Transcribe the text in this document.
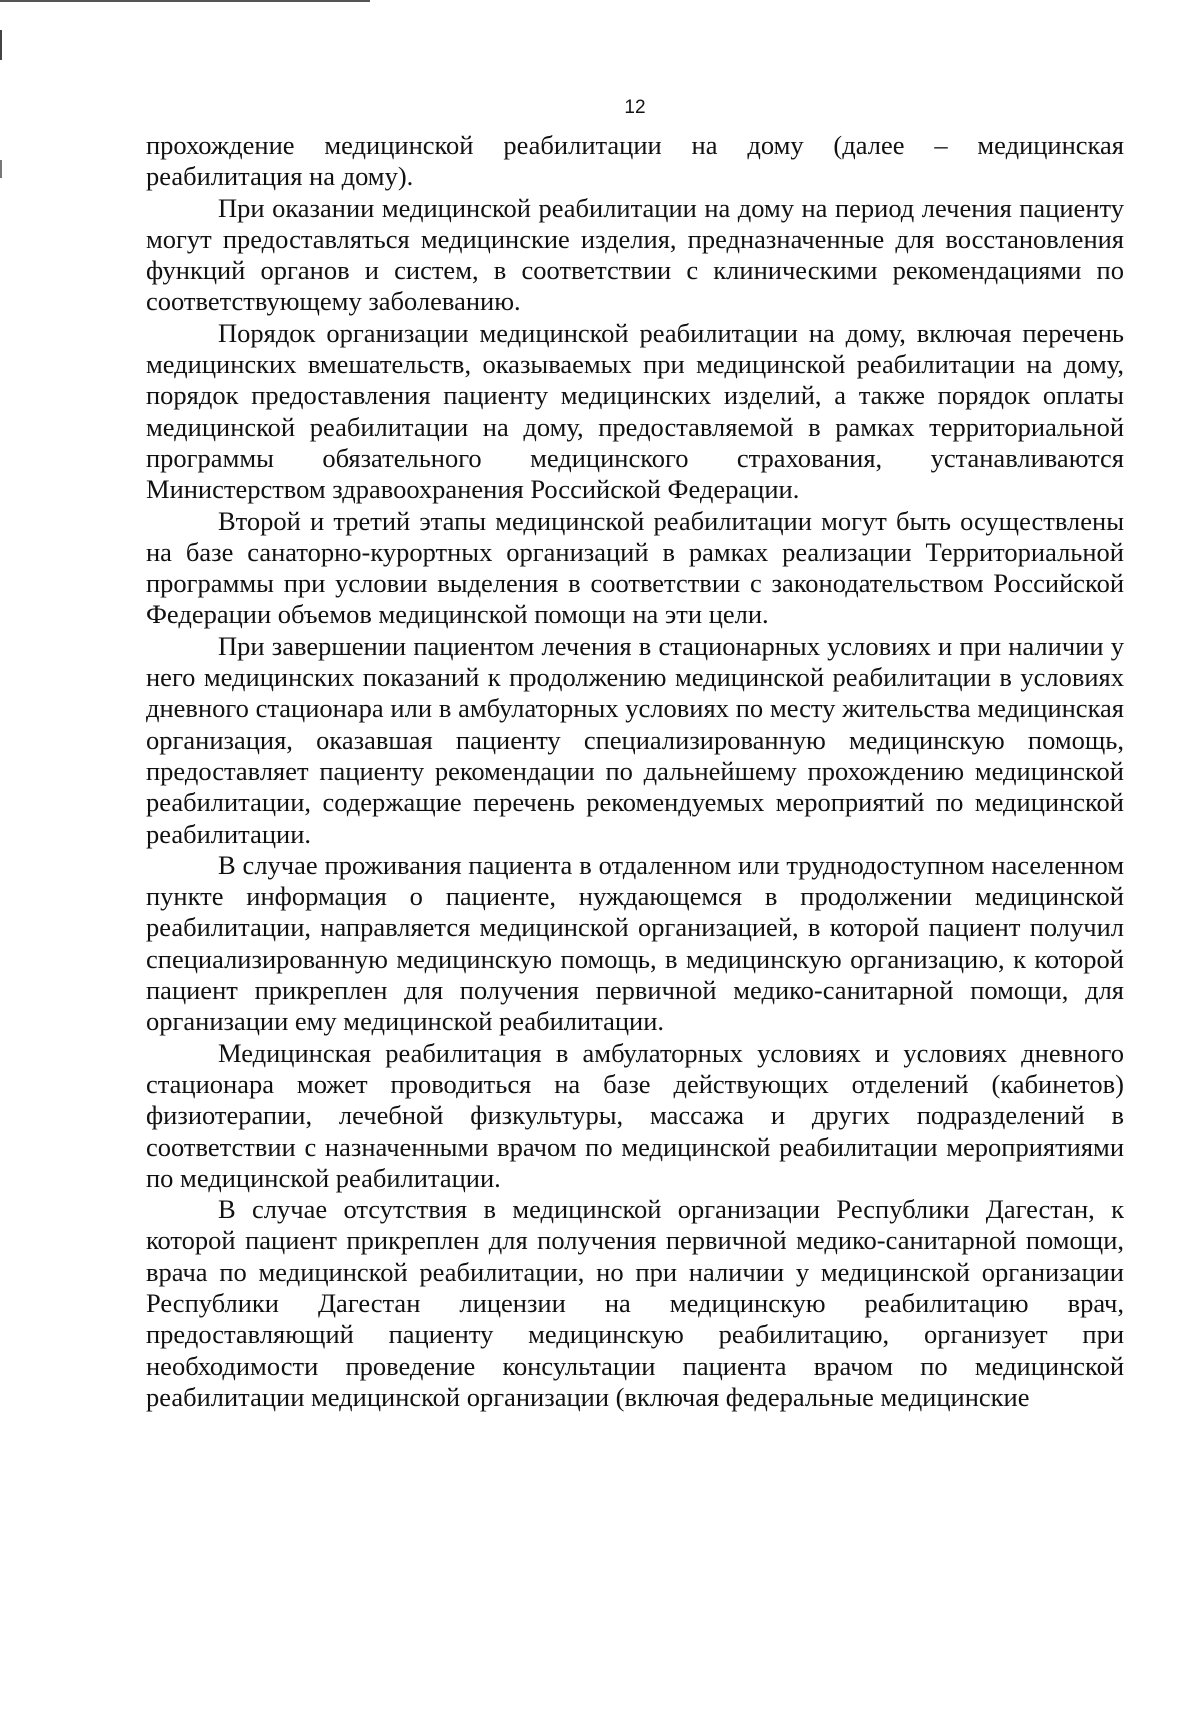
12

прохождение медицинской реабилитации на дому (далее – медицинская реабилитация на дому).

При оказании медицинской реабилитации на дому на период лечения пациенту могут предоставляться медицинские изделия, предназначенные для восстановления функций органов и систем, в соответствии с клиническими рекомендациями по соответствующему заболеванию.

Порядок организации медицинской реабилитации на дому, включая перечень медицинских вмешательств, оказываемых при медицинской реабилитации на дому, порядок предоставления пациенту медицинских изделий, а также порядок оплаты медицинской реабилитации на дому, предоставляемой в рамках территориальной программы обязательного медицинского страхования, устанавливаются Министерством здравоохранения Российской Федерации.

Второй и третий этапы медицинской реабилитации могут быть осуществлены на базе санаторно-курортных организаций в рамках реализации Территориальной программы при условии выделения в соответствии с законодательством Российской Федерации объемов медицинской помощи на эти цели.

При завершении пациентом лечения в стационарных условиях и при наличии у него медицинских показаний к продолжению медицинской реабилитации в условиях дневного стационара или в амбулаторных условиях по месту жительства медицинская организация, оказавшая пациенту специализированную медицинскую помощь, предоставляет пациенту рекомендации по дальнейшему прохождению медицинской реабилитации, содержащие перечень рекомендуемых мероприятий по медицинской реабилитации.

В случае проживания пациента в отдаленном или труднодоступном населенном пункте информация о пациенте, нуждающемся в продолжении медицинской реабилитации, направляется медицинской организацией, в которой пациент получил специализированную медицинскую помощь, в медицинскую организацию, к которой пациент прикреплен для получения первичной медико-санитарной помощи, для организации ему медицинской реабилитации.

Медицинская реабилитация в амбулаторных условиях и условиях дневного стационара может проводиться на базе действующих отделений (кабинетов) физиотерапии, лечебной физкультуры, массажа и других подразделений в соответствии с назначенными врачом по медицинской реабилитации мероприятиями по медицинской реабилитации.

В случае отсутствия в медицинской организации Республики Дагестан, к которой пациент прикреплен для получения первичной медико-санитарной помощи, врача по медицинской реабилитации, но при наличии у медицинской организации Республики Дагестан лицензии на медицинскую реабилитацию врач, предоставляющий пациенту медицинскую реабилитацию, организует при необходимости проведение консультации пациента врачом по медицинской реабилитации медицинской организации (включая федеральные медицинские
